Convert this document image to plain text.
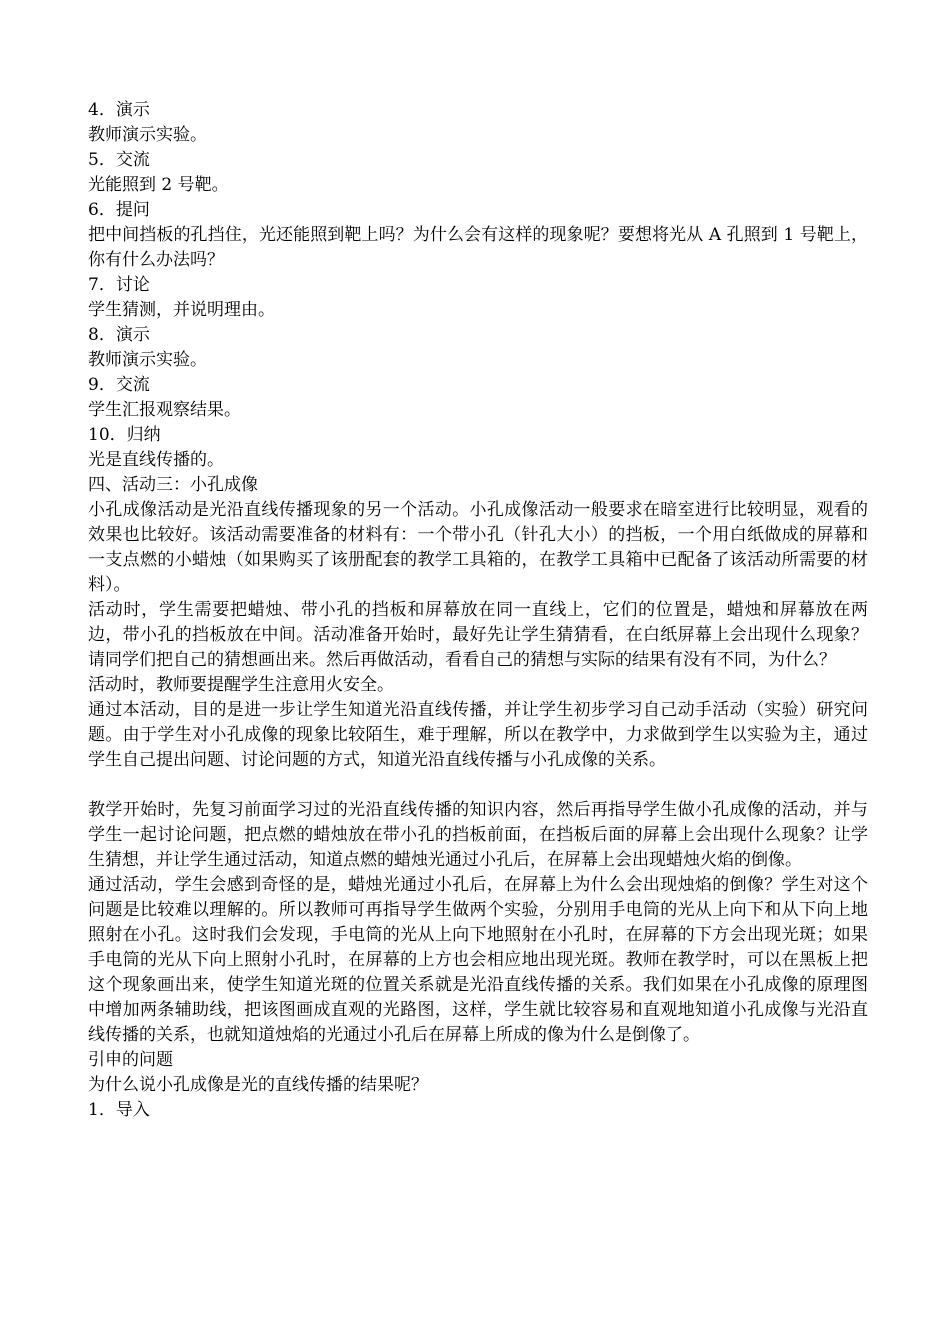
4．演示

教师演示实验。

5．交流

光能照到 2 号靶。

6．提问

把中间挡板的孔挡住，光还能照到靶上吗？为什么会有这样的现象呢？要想将光从 A 孔照到 1 号靶上，你有什么办法吗？

7．讨论

学生猜测，并说明理由。

8．演示

教师演示实验。

9．交流

学生汇报观察结果。

10．归纳

光是直线传播的。

四、活动三：小孔成像

小孔成像活动是光沿直线传播现象的另一个活动。小孔成像活动一般要求在暗室进行比较明显，观看的效果也比较好。该活动需要准备的材料有：一个带小孔（针孔大小）的挡板，一个用白纸做成的屏幕和一支点燃的小蜡烛（如果购买了该册配套的教学工具箱的，在教学工具箱中已配备了该活动所需要的材料）。

活动时，学生需要把蜡烛、带小孔的挡板和屏幕放在同一直线上，它们的位置是，蜡烛和屏幕放在两边，带小孔的挡板放在中间。活动准备开始时，最好先让学生猜猜看，在白纸屏幕上会出现什么现象？请同学们把自己的猜想画出来。然后再做活动，看看自己的猜想与实际的结果有没有不同，为什么？

活动时，教师要提醒学生注意用火安全。

通过本活动，目的是进一步让学生知道光沿直线传播，并让学生初步学习自己动手活动（实验）研究问题。由于学生对小孔成像的现象比较陌生，难于理解，所以在教学中，力求做到学生以实验为主，通过学生自己提出问题、讨论问题的方式，知道光沿直线传播与小孔成像的关系。

教学开始时，先复习前面学习过的光沿直线传播的知识内容，然后再指导学生做小孔成像的活动，并与学生一起讨论问题，把点燃的蜡烛放在带小孔的挡板前面，在挡板后面的屏幕上会出现什么现象？让学生猜想，并让学生通过活动，知道点燃的蜡烛光通过小孔后，在屏幕上会出现蜡烛火焰的倒像。

通过活动，学生会感到奇怪的是，蜡烛光通过小孔后，在屏幕上为什么会出现烛焰的倒像？学生对这个问题是比较难以理解的。所以教师可再指导学生做两个实验，分别用手电筒的光从上向下和从下向上地照射在小孔。这时我们会发现，手电筒的光从上向下地照射在小孔时，在屏幕的下方会出现光斑；如果手电筒的光从下向上照射小孔时，在屏幕的上方也会相应地出现光斑。教师在教学时，可以在黑板上把这个现象画出来，使学生知道光斑的位置关系就是光沿直线传播的关系。我们如果在小孔成像的原理图中增加两条辅助线，把该图画成直观的光路图，这样，学生就比较容易和直观地知道小孔成像与光沿直线传播的关系，也就知道烛焰的光通过小孔后在屏幕上所成的像为什么是倒像了。

引申的问题

为什么说小孔成像是光的直线传播的结果呢？

1．导入
